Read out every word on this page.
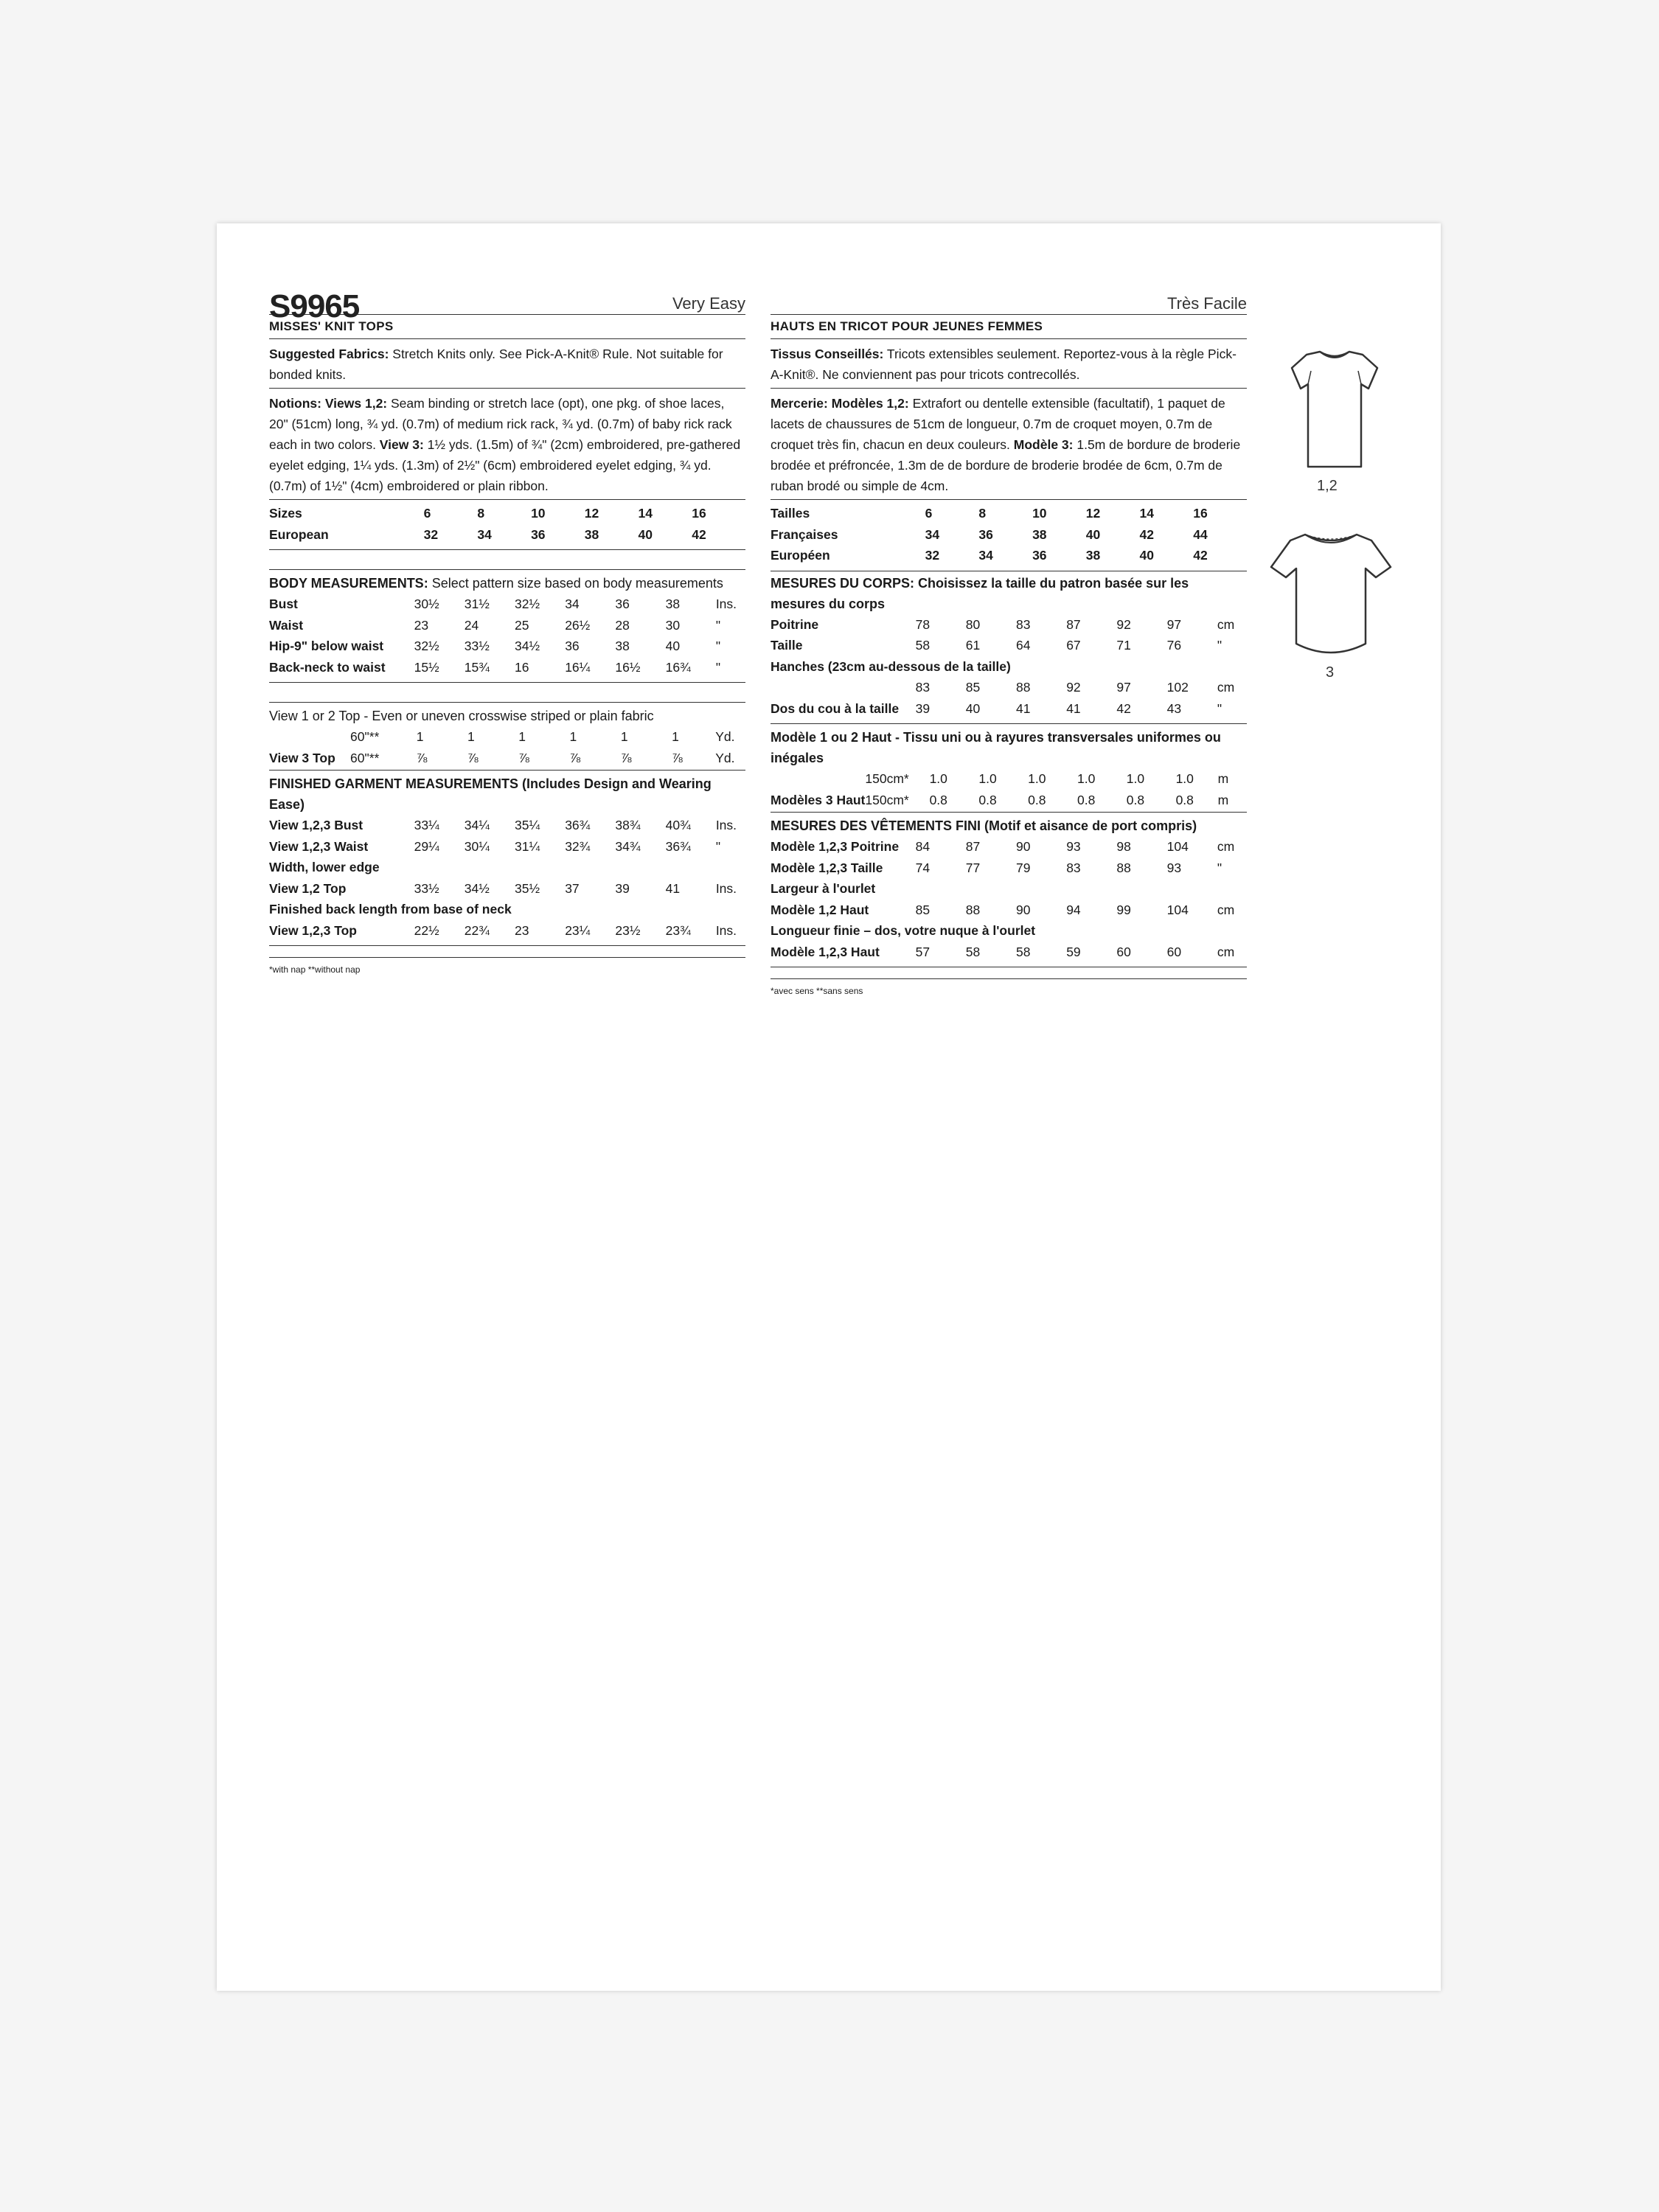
S9965	Very Easy
MISSES' KNIT TOPS
Suggested Fabrics: Stretch Knits only. See Pick-A-Knit® Rule. Not suitable for bonded knits.
Notions: Views 1,2: Seam binding or stretch lace (opt), one pkg. of shoe laces, 20" (51cm) long, ¾ yd. (0.7m) of medium rick rack, ¾ yd. (0.7m) of baby rick rack each in two colors. View 3: 1½ yds. (1.5m) of ¾" (2cm) embroidered, pre-gathered eyelet edging, 1¼ yds. (1.3m) of 2½" (6cm) embroidered eyelet edging, ¾ yd. (0.7m) of 1½" (4cm) embroidered or plain ribbon.
Sizes	6	8	10	12	14	16
European	32	34	36	38	40	42
BODY MEASUREMENTS: Select pattern size based on body measurements
Bust	30½	31½	32½	34	36	38	Ins.
Waist	23	24	25	26½	28	30	"
Hip-9" below waist	32½	33½	34½	36	38	40	"
Back-neck to waist	15½	15¾	16	16¼	16½	16¾	"
View 1 or 2 Top - Even or uneven crosswise striped or plain fabric
	60"**	1	1	1	1	1	1	Yd.
View 3 Top	60"**	⅞	⅞	⅞	⅞	⅞	⅞	Yd.
FINISHED GARMENT MEASUREMENTS (Includes Design and Wearing Ease)
View 1,2,3 Bust	33¼	34¼	35¼	36¾	38¾	40¾	Ins.
View 1,2,3 Waist	29¼	30¼	31¼	32¾	34¾	36¾	"
Width, lower edge							
View 1,2 Top	33½	34½	35½	37	39	41	Ins.
Finished back length from base of neck							
View 1,2,3 Top	22½	22¾	23	23¼	23½	23¾	Ins.
*with nap **without nap
Très Facile
HAUTS EN TRICOT POUR JEUNES FEMMES
Tissus Conseillés: Tricots extensibles seulement. Reportez-vous à la règle Pick-A-Knit®. Ne conviennent pas pour tricots contrecollés.
Mercerie: Modèles 1,2: Extrafort ou dentelle extensible (facultatif), 1 paquet de lacets de chaussures de 51cm de longueur, 0.7m de croquet moyen, 0.7m de croquet très fin, chacun en deux couleurs. Modèle 3: 1.5m de bordure de broderie brodée et préfroncée, 1.3m de de bordure de broderie brodée de 6cm, 0.7m de ruban brodé ou simple de 4cm.
Tailles	6	8	10	12	14	16
Françaises	34	36	38	40	42	44
Européen	32	34	36	38	40	42
MESURES DU CORPS: Choisissez la taille du patron basée sur les mesures du corps
Poitrine	78	80	83	87	92	97	cm
Taille	58	61	64	67	71	76	"
Hanches (23cm au-dessous de la taille)							
	83	85	88	92	97	102	cm
Dos du cou à la taille	39	40	41	41	42	43	"
Modèle 1 ou 2 Haut - Tissu uni ou à rayures transversales uniformes ou inégales
	150cm*	1.0	1.0	1.0	1.0	1.0	1.0	m
Modèles 3 Haut	150cm*	0.8	0.8	0.8	0.8	0.8	0.8	m
MESURES DES VÊTEMENTS FINI (Motif et aisance de port compris)
Modèle 1,2,3 Poitrine	84	87	90	93	98	104	cm
Modèle 1,2,3 Taille	74	77	79	83	88	93	"
Largeur à l'ourlet							
Modèle 1,2 Haut	85	88	90	94	99	104	cm
Longueur finie – dos, votre nuque à l'ourlet							
Modèle 1,2,3 Haut	57	58	58	59	60	60	cm
*avec sens **sans sens
1,2
3
